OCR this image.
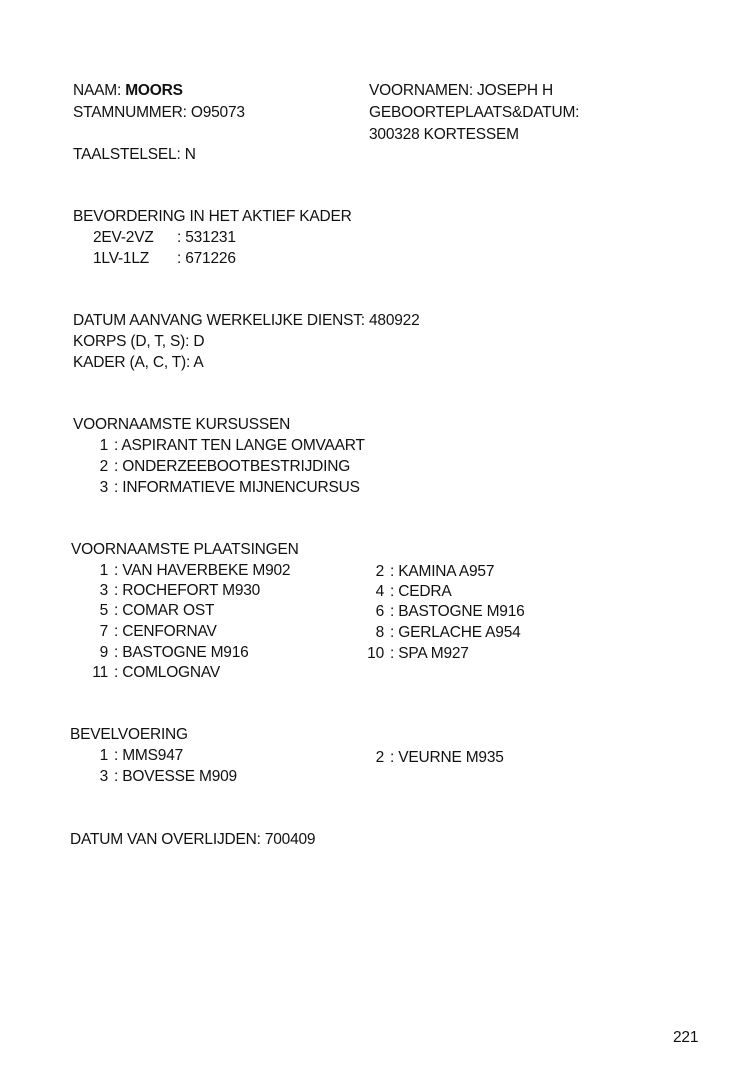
NAAM: MOORS
STAMNUMMER: O95073
TAALSTELSEL: N
VOORNAMEN: JOSEPH H
GEBOORTEPLAATS&DATUM:
300328 KORTESSEM
BEVORDERING IN HET AKTIEF KADER
2EV-2VZ : 531231
1LV-1LZ : 671226
DATUM AANVANG WERKELIJKE DIENST: 480922
KORPS (D, T, S): D
KADER (A, C, T): A
VOORNAAMSTE KURSUSSEN
1 : ASPIRANT TEN LANGE OMVAART
2 : ONDERZEEBOOTBESTRIJDING
3 : INFORMATIEVE MIJNENCURSUS
VOORNAAMSTE PLAATSINGEN
1 : VAN HAVERBEKE M902
3 : ROCHEFORT M930
5 : COMAR OST
7 : CENFORNAV
9 : BASTOGNE M916
11 : COMLOGNAV
2 : KAMINA A957
4 : CEDRA
6 : BASTOGNE M916
8 : GERLACHE A954
10 : SPA M927
BEVELVOERING
1 : MMS947
3 : BOVESSE M909
2 : VEURNE M935
DATUM VAN OVERLIJDEN: 700409
221
